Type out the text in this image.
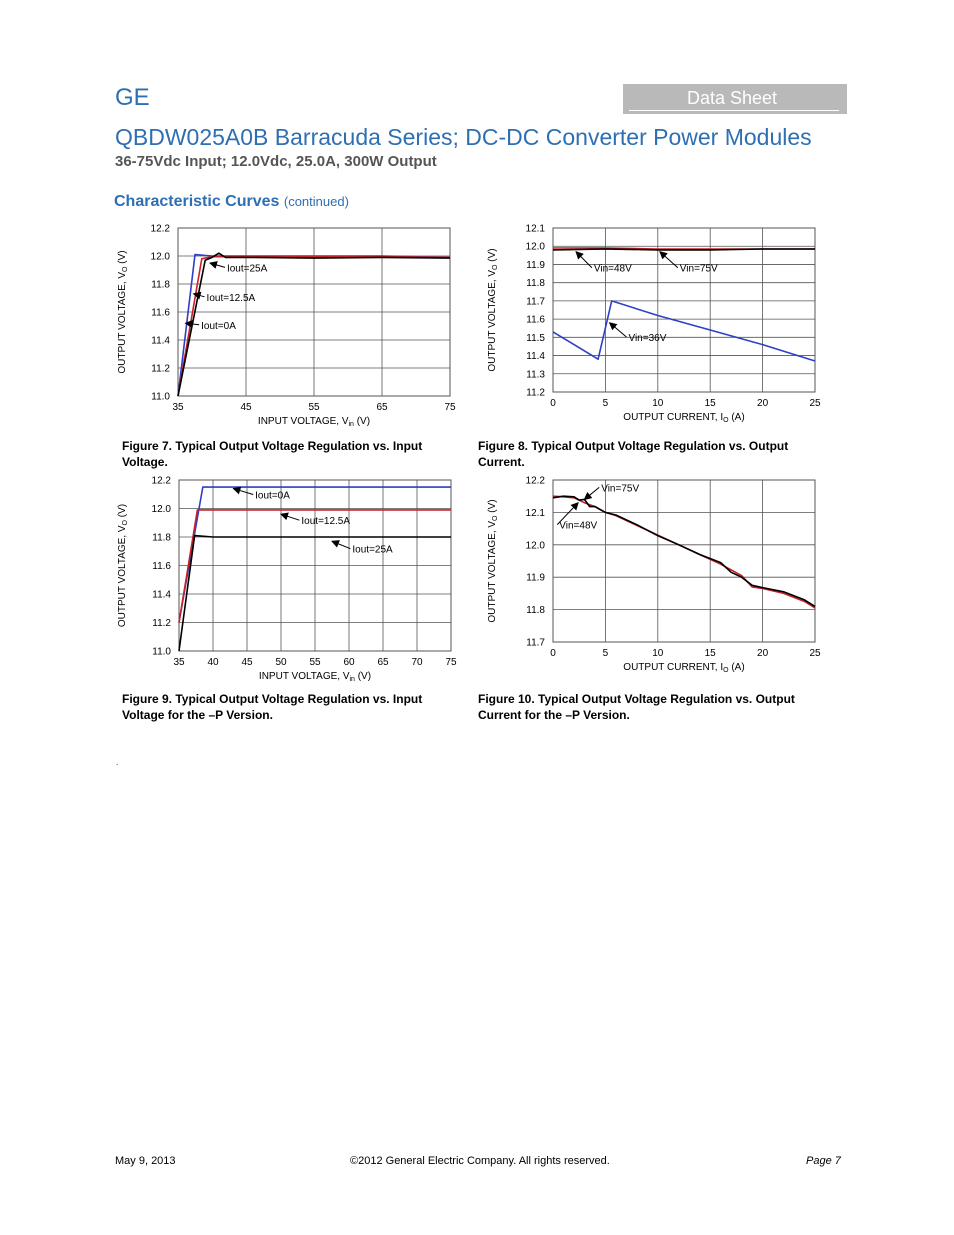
GE	Data Sheet
QBDW025A0B Barracuda Series; DC-DC Converter Power Modules
36-75Vdc Input; 12.0Vdc, 25.0A, 300W Output
Characteristic Curves (continued)
35	45	55	65	75
11.0
11.2
11.4
11.6
11.8
12.0
12.2
INPUT VOLTAGE, $V_{in}$ (V)
OUTPUT VOLTAGE, $V_O$ (V)
Iout=25A
Iout=12.5A
Iout=0A
Figure 7. Typical Output Voltage Regulation vs. Input Voltage.
0	5	10	15	20	25
11.2
11.3
11.4
11.5
11.6
11.7
11.8
11.9
12.0
12.1
OUTPUT CURRENT, $I_O$ (A)
OUTPUT VOLTAGE, $V_O$ (V)
Vin=48V	Vin=75V
Vin=36V
Figure 8. Typical Output Voltage Regulation vs. Output Current.
35 40 45 50 55 60 65 70 75
11.0
11.2
11.4
11.6
11.8
12.0
12.2
INPUT VOLTAGE, $V_{in}$ (V)
OUTPUT VOLTAGE, $V_O$ (V)
Iout=0A
Iout=12.5A
Iout=25A
Figure 9. Typical Output Voltage Regulation vs. Input Voltage for the –P Version.
0	5	10	15	20	25
11.7
11.8
11.9
12.0
12.1
12.2
OUTPUT CURRENT, $I_O$ (A)
OUTPUT VOLTAGE, $V_O$ (V)
Vin=75V
Vin=48V
Figure 10. Typical Output Voltage Regulation vs. Output Current for the –P Version.
.
May 9, 2013	©2012 General Electric Company. All rights reserved.	Page 7
